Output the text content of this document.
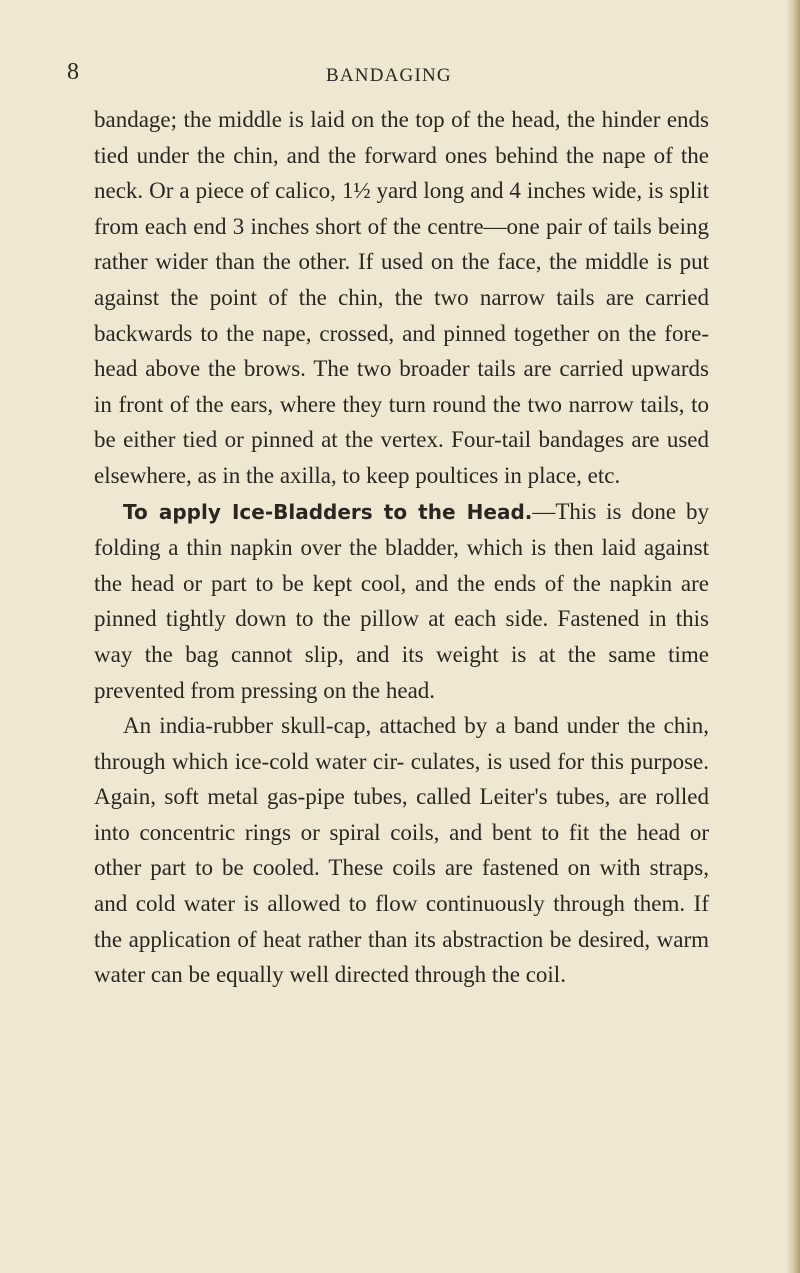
8	BANDAGING

bandage; the middle is laid on the top of the head, the hinder ends tied under the chin, and the forward ones behind the nape of the neck. Or a piece of calico, 1½ yard long and 4 inches wide, is split from each end 3 inches short of the centre—one pair of tails being rather wider than the other. If used on the face, the middle is put against the point of the chin, the two narrow tails are carried backwards to the nape, crossed, and pinned together on the fore- head above the brows. The two broader tails are carried upwards in front of the ears, where they turn round the two narrow tails, to be either tied or pinned at the vertex. Four-tail bandages are used elsewhere, as in the axilla, to keep poultices in place, etc.

To apply Ice-Bladders to the Head.—This is done by folding a thin napkin over the bladder, which is then laid against the head or part to be kept cool, and the ends of the napkin are pinned tightly down to the pillow at each side. Fastened in this way the bag cannot slip, and its weight is at the same time prevented from pressing on the head.

An india-rubber skull-cap, attached by a band under the chin, through which ice-cold water cir- culates, is used for this purpose. Again, soft metal gas-pipe tubes, called Leiter's tubes, are rolled into concentric rings or spiral coils, and bent to fit the head or other part to be cooled. These coils are fastened on with straps, and cold water is allowed to flow continuously through them. If the application of heat rather than its abstraction be desired, warm water can be equally well directed through the coil.
